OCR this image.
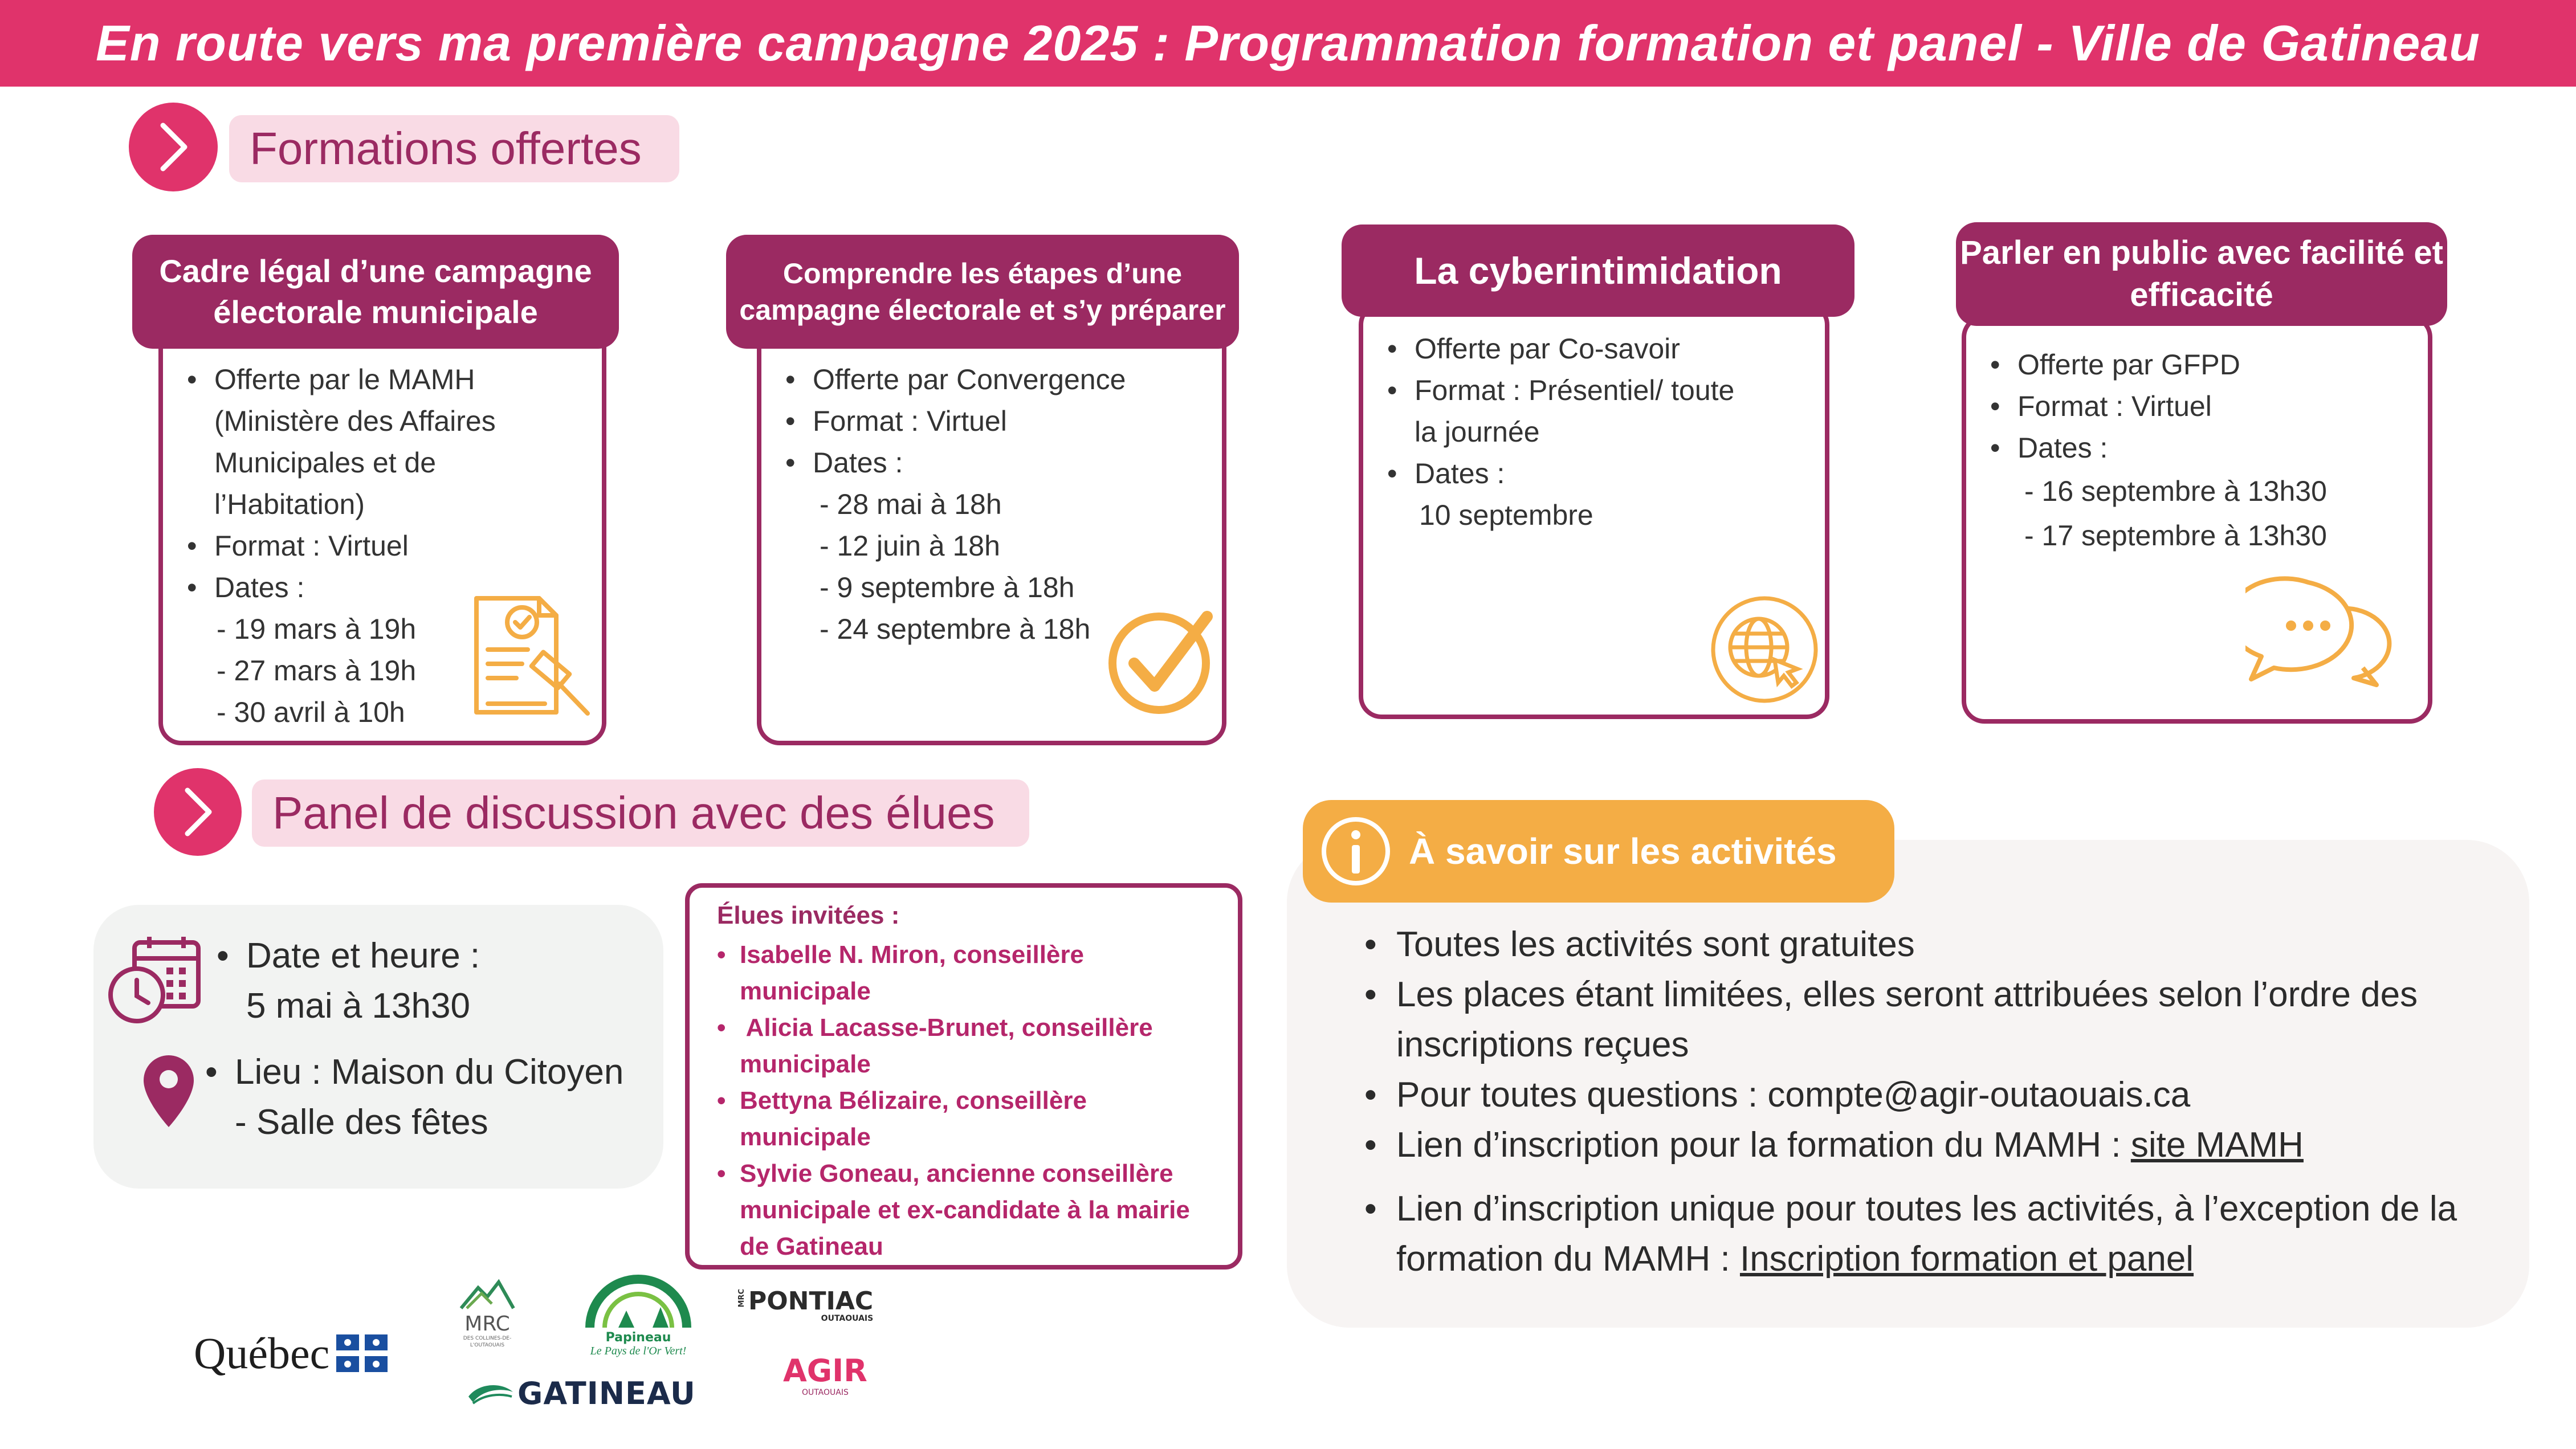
En route vers ma première campagne 2025 : Programmation formation et panel - Ville de Gatineau
Formations offertes
• Offerte par le MAMH
(Ministère des Affaires
Municipales et de
l’Habitation)
• Format : Virtuel
• Dates :
- 19 mars à 19h
- 27 mars à 19h
- 30 avril à 10h
Cadre légal d’une campagne électorale municipale
• Offerte par Convergence
• Format : Virtuel
• Dates :
- 28 mai à 18h
- 12 juin à 18h
- 9 septembre à 18h
- 24 septembre à 18h
Comprendre les étapes d’une campagne électorale et s’y préparer
• Offerte par Co-savoir
• Format : Présentiel/ toute
la journée
• Dates :
10 septembre
La cyberintimidation
• Offerte par GFPD
• Format : Virtuel
• Dates :
- 16 septembre à 13h30
- 17 septembre à 13h30
Parler en public avec facilité et efficacité
Panel de discussion avec des élues
• Date et heure :
5 mai à 13h30
• Lieu : Maison du Citoyen
- Salle des fêtes
Élues invitées :
• Isabelle N. Miron, conseillère
municipale
•  Alicia Lacasse-Brunet, conseillère
municipale
• Bettyna Bélizaire, conseillère
municipale
• Sylvie Goneau, ancienne conseillère
municipale et ex-candidate à la mairie
de Gatineau
À savoir sur les activités
• Toutes les activités sont gratuites
• Les places étant limitées, elles seront attribuées selon l’ordre des
inscriptions reçues
• Pour toutes questions : compte@agir-outaouais.ca
• Lien d’inscription pour la formation du MAMH : site MAMH
• Lien d’inscription unique pour toutes les activités, à l’exception de la
formation du MAMH : Inscription formation et panel
Québec
MRC
DES COLLINES-DE-L'OUTAOUAIS
Papineau
Le Pays de l'Or Vert!
MRC PONTIAC
OUTAOUAIS
GATINEAU
AGIR
OUTAOUAIS
